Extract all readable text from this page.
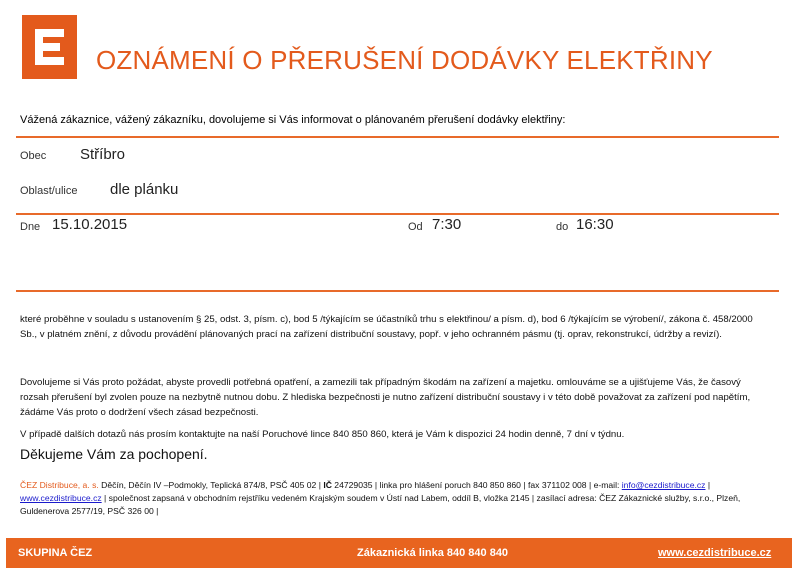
OZNÁMENÍ O PŘERUŠENÍ DODÁVKY ELEKTŘINY
Vážená zákaznice, vážený zákazníku, dovolujeme si Vás informovat o plánovaném přerušení dodávky elektřiny:
Obec Stříbro
Oblast/ulice dle plánku
Dne 15.10.2015	Od 7:30	do 16:30
které proběhne v souladu s ustanovením § 25, odst. 3, písm. c), bod 5 /týkajícím se účastníků trhu s elektřinou/ a písm. d), bod 6 /týkajícím se výrobení/, zákona č. 458/2000 Sb., v platném znění, z důvodu provádění plánovaných prací na zařízení distribuční soustavy, popř. v jeho ochranném pásmu (tj. oprav, rekonstrukcí, údržby a revizí).
Dovolujeme si Vás proto požádat, abyste provedli potřebná opatření, a zamezili tak případným škodám na zařízení a majetku. omlouváme se a ujišťujeme Vás, že časový rozsah přerušení byl zvolen pouze na nezbytně nutnou dobu. Z hlediska bezpečnosti je nutno zařízení distribuční soustavy i v této době považovat za zařízení pod napětím, žádáme Vás proto o dodržení všech zásad bezpečnosti.
V případě dalších dotazů nás prosím kontaktujte na naší Poruchové lince 840 850 860, která je Vám k dispozici 24 hodin denně, 7 dní v týdnu.
Děkujeme Vám za pochopení.
ČEZ Distribuce, a. s. Děčín, Děčín IV –Podmokly, Teplická 874/8, PSČ 405 02 | IČ 24729035 | linka pro hlášení poruch 840 850 860 | fax 371102 008 | e-mail: info@cezdistribuce.cz | www.cezdistribuce.cz | společnost zapsaná v obchodním rejstříku vedeném Krajským soudem v Ústí nad Labem, oddíl B, vložka 2145 | zasílací adresa: ČEZ Zákaznické služby, s.r.o., Plzeň, Guldenerova 2577/19, PSČ 326 00 |
SKUPINA ČEZ	Zákaznická linka 840 840 840	www.cezdistribuce.cz
